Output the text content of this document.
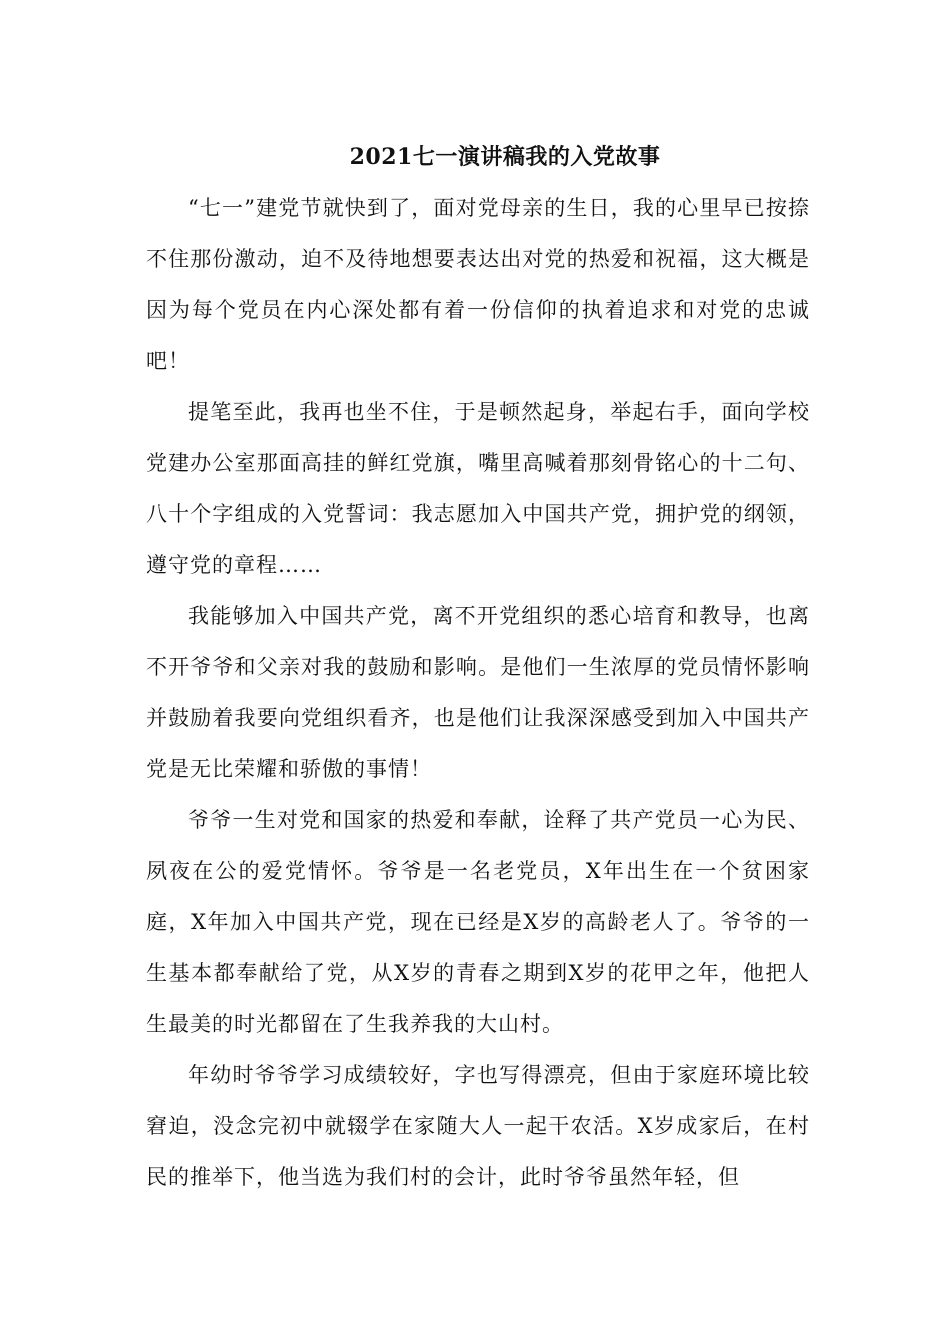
2021七一演讲稿我的入党故事

“七一”建党节就快到了，面对党母亲的生日，我的心里早已按捺不住那份激动，迫不及待地想要表达出对党的热爱和祝福，这大概是因为每个党员在内心深处都有着一份信仰的执着追求和对党的忠诚吧！

提笔至此，我再也坐不住，于是顿然起身，举起右手，面向学校党建办公室那面高挂的鲜红党旗，嘴里高喊着那刻骨铭心的十二句、八十个字组成的入党誓词：我志愿加入中国共产党，拥护党的纲领，遵守党的章程……

我能够加入中国共产党，离不开党组织的悉心培育和教导，也离不开爷爷和父亲对我的鼓励和影响。是他们一生浓厚的党员情怀影响并鼓励着我要向党组织看齐，也是他们让我深深感受到加入中国共产党是无比荣耀和骄傲的事情！

爷爷一生对党和国家的热爱和奉献，诠释了共产党员一心为民、夙夜在公的爱党情怀。爷爷是一名老党员，X年出生在一个贫困家庭，X年加入中国共产党，现在已经是X岁的高龄老人了。爷爷的一生基本都奉献给了党，从X岁的青春之期到X岁的花甲之年，他把人生最美的时光都留在了生我养我的大山村。

年幼时爷爷学习成绩较好，字也写得漂亮，但由于家庭环境比较窘迫，没念完初中就辍学在家随大人一起干农活。X岁成家后，在村民的推举下，他当选为我们村的会计，此时爷爷虽然年轻，但
